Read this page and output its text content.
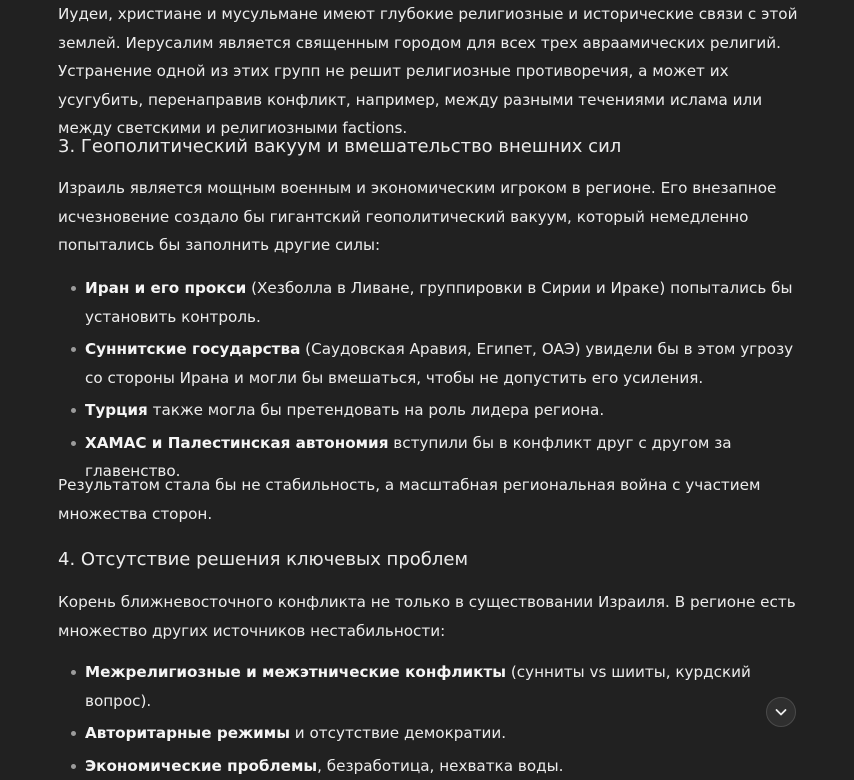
Иудеи, христиане и мусульмане имеют глубокие религиозные и исторические связи с этой землей. Иерусалим является священным городом для всех трех авраамических религий. Устранение одной из этих групп не решит религиозные противоречия, а может их усугубить, перенаправив конфликт, например, между разными течениями ислама или между светскими и религиозными factions.

3. Геополитический вакуум и вмешательство внешних сил

Израиль является мощным военным и экономическим игроком в регионе. Его внезапное исчезновение создало бы гигантский геополитический вакуум, который немедленно попытались бы заполнить другие силы:

Иран и его прокси (Хезболла в Ливане, группировки в Сирии и Ираке) попытались бы установить контроль.
Суннитские государства (Саудовская Аравия, Египет, ОАЭ) увидели бы в этом угрозу со стороны Ирана и могли бы вмешаться, чтобы не допустить его усиления.
Турция также могла бы претендовать на роль лидера региона.
ХАМАС и Палестинская автономия вступили бы в конфликт друг с другом за главенство.

Результатом стала бы не стабильность, а масштабная региональная война с участием множества сторон.

4. Отсутствие решения ключевых проблем

Корень ближневосточного конфликта не только в существовании Израиля. В регионе есть множество других источников нестабильности:

Межрелигиозные и межэтнические конфликты (сунниты vs шииты, курдский вопрос).
Авторитарные режимы и отсутствие демократии.
Экономические проблемы, безработица, нехватка воды.
